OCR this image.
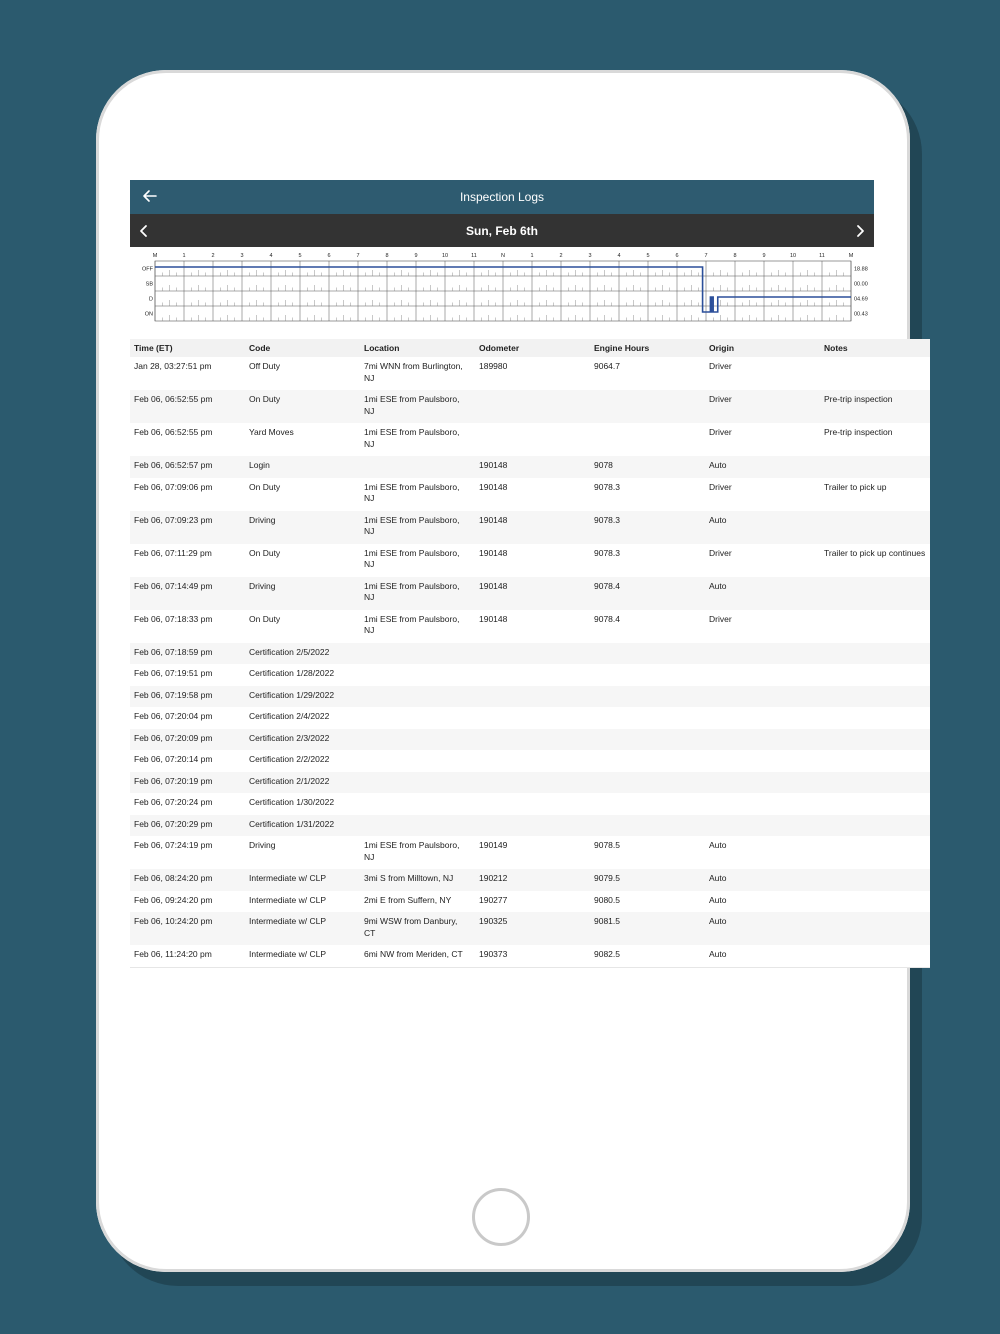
Inspection Logs
Sun, Feb 6th
M	1	2	3	4	5	6	7	8	9	10	11	N	1	2	3	4	5	6	7	8	9	10	11	M
OFF
SB
D
ON
18.88
00.00
04.69
00.43
Time (ET)	Code	Location	Odometer	Engine Hours	Origin	Notes
Jan 28, 03:27:51 pm	Off Duty	7mi WNN from Burlington, NJ	189980	9064.7	Driver	
Feb 06, 06:52:55 pm	On Duty	1mi ESE from Paulsboro, NJ			Driver	Pre-trip inspection
Feb 06, 06:52:55 pm	Yard Moves	1mi ESE from Paulsboro, NJ			Driver	Pre-trip inspection
Feb 06, 06:52:57 pm	Login		190148	9078	Auto	
Feb 06, 07:09:06 pm	On Duty	1mi ESE from Paulsboro, NJ	190148	9078.3	Driver	Trailer to pick up
Feb 06, 07:09:23 pm	Driving	1mi ESE from Paulsboro, NJ	190148	9078.3	Auto	
Feb 06, 07:11:29 pm	On Duty	1mi ESE from Paulsboro, NJ	190148	9078.3	Driver	Trailer to pick up continues
Feb 06, 07:14:49 pm	Driving	1mi ESE from Paulsboro, NJ	190148	9078.4	Auto	
Feb 06, 07:18:33 pm	On Duty	1mi ESE from Paulsboro, NJ	190148	9078.4	Driver	
Feb 06, 07:18:59 pm	Certification 2/5/2022					
Feb 06, 07:19:51 pm	Certification 1/28/2022					
Feb 06, 07:19:58 pm	Certification 1/29/2022					
Feb 06, 07:20:04 pm	Certification 2/4/2022					
Feb 06, 07:20:09 pm	Certification 2/3/2022					
Feb 06, 07:20:14 pm	Certification 2/2/2022					
Feb 06, 07:20:19 pm	Certification 2/1/2022					
Feb 06, 07:20:24 pm	Certification 1/30/2022					
Feb 06, 07:20:29 pm	Certification 1/31/2022					
Feb 06, 07:24:19 pm	Driving	1mi ESE from Paulsboro, NJ	190149	9078.5	Auto	
Feb 06, 08:24:20 pm	Intermediate w/ CLP	3mi S from Milltown, NJ	190212	9079.5	Auto	
Feb 06, 09:24:20 pm	Intermediate w/ CLP	2mi E from Suffern, NY	190277	9080.5	Auto	
Feb 06, 10:24:20 pm	Intermediate w/ CLP	9mi WSW from Danbury, CT	190325	9081.5	Auto	
Feb 06, 11:24:20 pm	Intermediate w/ CLP	6mi NW from Meriden, CT	190373	9082.5	Auto	
